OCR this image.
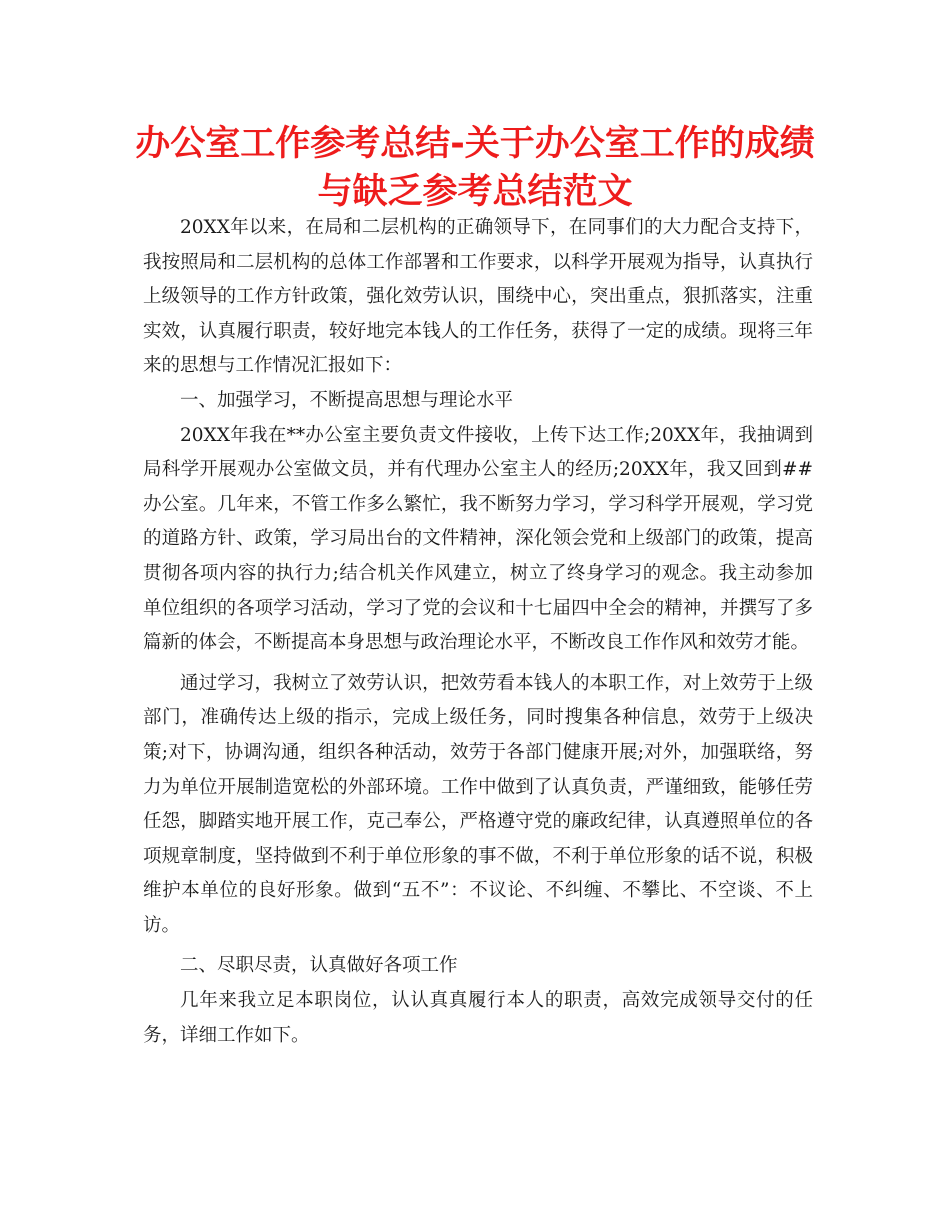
办公室工作参考总结-关于办公室工作的成绩与缺乏参考总结范文

20XX年以来，在局和二层机构的正确领导下，在同事们的大力配合支持下，我按照局和二层机构的总体工作部署和工作要求，以科学开展观为指导，认真执行上级领导的工作方针政策，强化效劳认识，围绕中心，突出重点，狠抓落实，注重实效，认真履行职责，较好地完本钱人的工作任务，获得了一定的成绩。现将三年来的思想与工作情况汇报如下：

一、加强学习，不断提高思想与理论水平

20XX年我在**办公室主要负责文件接收，上传下达工作;20XX年，我抽调到局科学开展观办公室做文员，并有代理办公室主人的经历;20XX年，我又回到##办公室。几年来，不管工作多么繁忙，我不断努力学习，学习科学开展观，学习党的道路方针、政策，学习局出台的文件精神，深化领会党和上级部门的政策，提高贯彻各项内容的执行力;结合机关作风建立，树立了终身学习的观念。我主动参加单位组织的各项学习活动，学习了党的会议和十七届四中全会的精神，并撰写了多篇新的体会，不断提高本身思想与政治理论水平，不断改良工作作风和效劳才能。

通过学习，我树立了效劳认识，把效劳看本钱人的本职工作，对上效劳于上级部门，准确传达上级的指示，完成上级任务，同时搜集各种信息，效劳于上级决策;对下，协调沟通，组织各种活动，效劳于各部门健康开展;对外，加强联络，努力为单位开展制造宽松的外部环境。工作中做到了认真负责，严谨细致，能够任劳任怨，脚踏实地开展工作，克己奉公，严格遵守党的廉政纪律，认真遵照单位的各项规章制度，坚持做到不利于单位形象的事不做，不利于单位形象的话不说，积极维护本单位的良好形象。做到“五不”：不议论、不纠缠、不攀比、不空谈、不上访。

二、尽职尽责，认真做好各项工作

几年来我立足本职岗位，认认真真履行本人的职责，高效完成领导交付的任务，详细工作如下。
